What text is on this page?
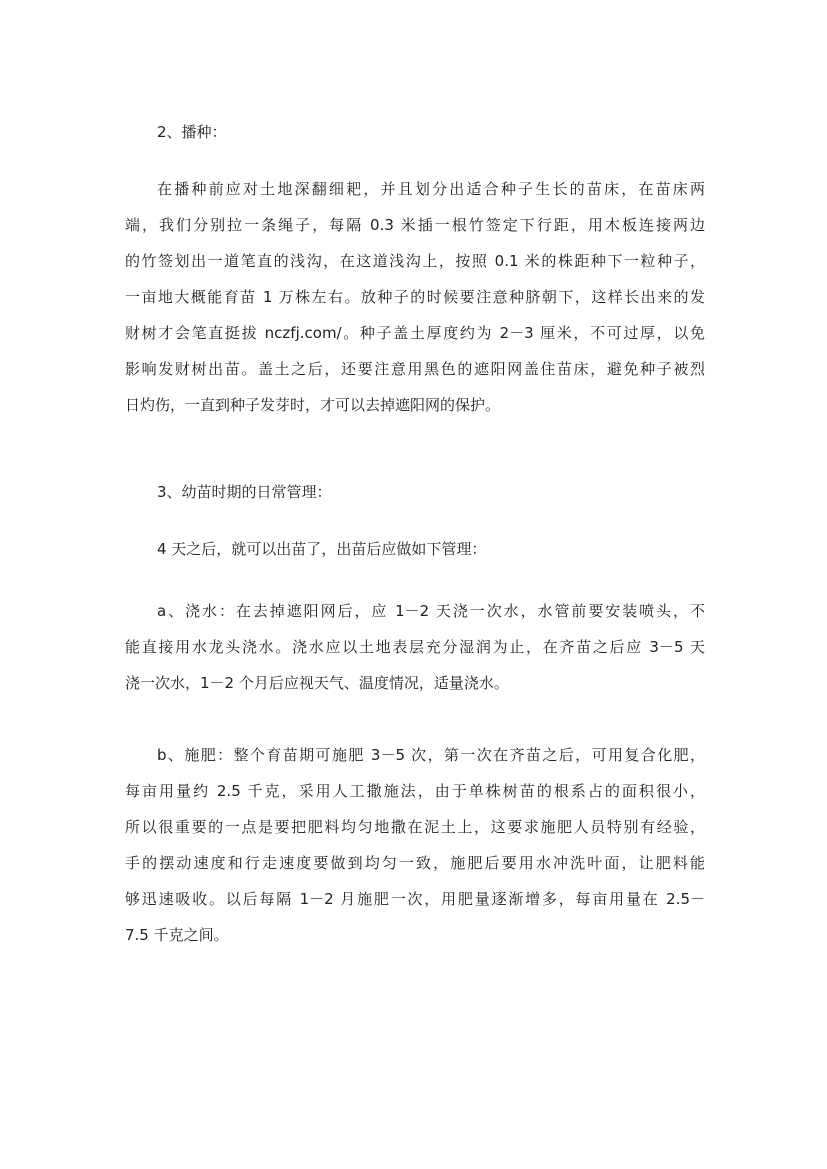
2、播种：
在播种前应对土地深翻细耙，并且划分出适合种子生长的苗床，在苗床两
端，我们分别拉一条绳子，每隔 0.3 米插一根竹签定下行距，用木板连接两边
的竹签划出一道笔直的浅沟，在这道浅沟上，按照 0.1 米的株距种下一粒种子，
一亩地大概能育苗 1 万株左右。放种子的时候要注意种脐朝下，这样长出来的发
财树才会笔直挺拔 nczfj.com/。种子盖土厚度约为 2－3 厘米，不可过厚，以免
影响发财树出苗。盖土之后，还要注意用黑色的遮阳网盖住苗床，避免种子被烈
日灼伤，一直到种子发芽时，才可以去掉遮阳网的保护。
3、幼苗时期的日常管理：
4 天之后，就可以出苗了，出苗后应做如下管理：
a、浇水：在去掉遮阳网后，应 1－2 天浇一次水，水管前要安装喷头，不
能直接用水龙头浇水。浇水应以土地表层充分湿润为止，在齐苗之后应 3－5 天
浇一次水，1－2 个月后应视天气、温度情况，适量浇水。
b、施肥：整个育苗期可施肥 3－5 次，第一次在齐苗之后，可用复合化肥，
每亩用量约 2.5 千克，采用人工撒施法，由于单株树苗的根系占的面积很小，
所以很重要的一点是要把肥料均匀地撒在泥土上，这要求施肥人员特别有经验，
手的摆动速度和行走速度要做到均匀一致，施肥后要用水冲洗叶面，让肥料能
够迅速吸收。以后每隔 1－2 月施肥一次，用肥量逐渐增多，每亩用量在 2.5－
7.5 千克之间。
